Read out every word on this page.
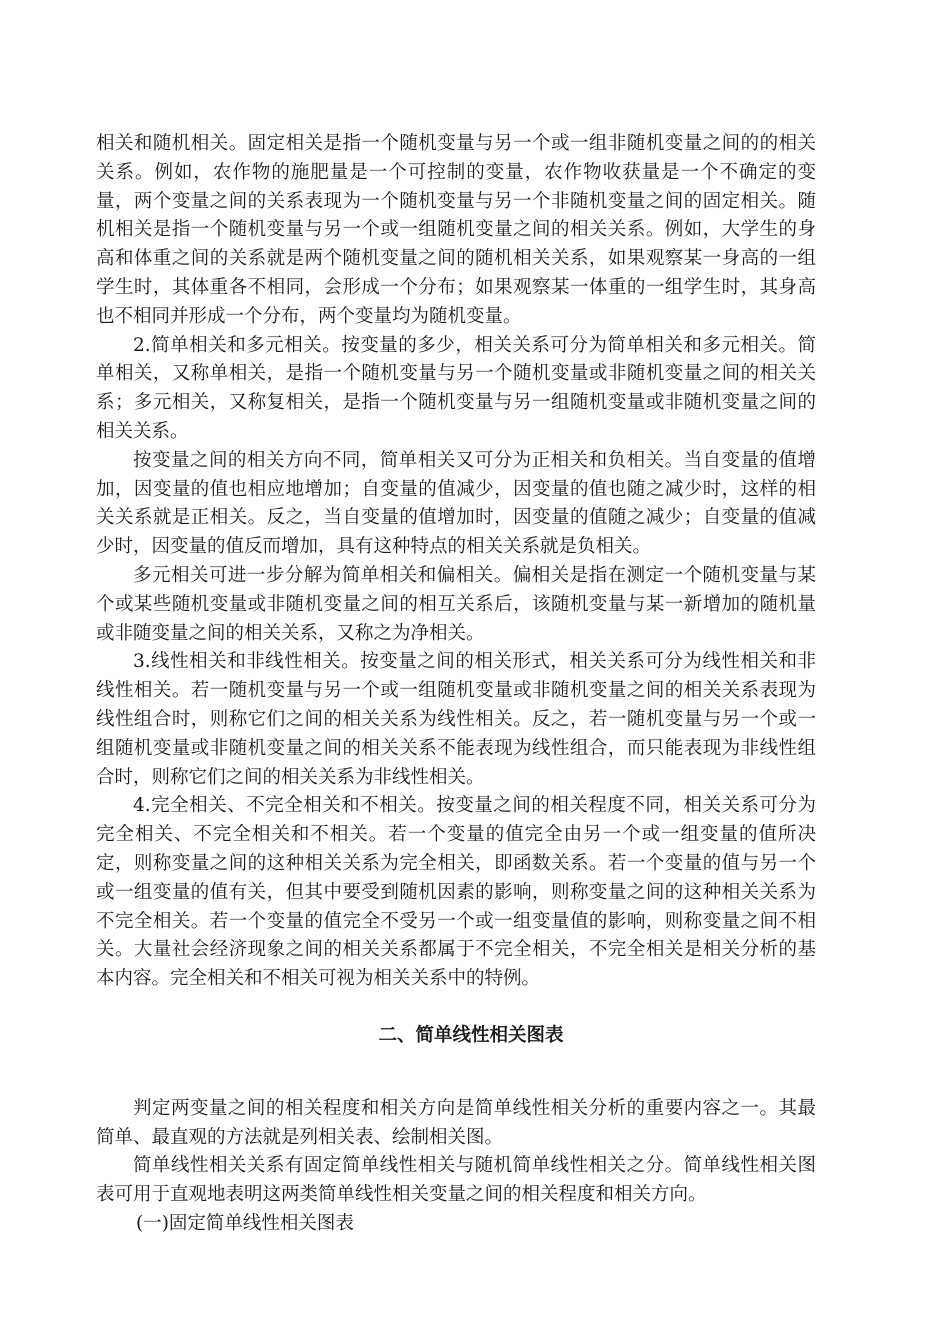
相关和随机相关。固定相关是指一个随机变量与另一个或一组非随机变量之间的的相关关系。例如，农作物的施肥量是一个可控制的变量，农作物收获量是一个不确定的变量，两个变量之间的关系表现为一个随机变量与另一个非随机变量之间的固定相关。随机相关是指一个随机变量与另一个或一组随机变量之间的相关关系。例如，大学生的身高和体重之间的关系就是两个随机变量之间的随机相关关系，如果观察某一身高的一组学生时，其体重各不相同，会形成一个分布；如果观察某一体重的一组学生时，其身高也不相同并形成一个分布，两个变量均为随机变量。

2.简单相关和多元相关。按变量的多少，相关关系可分为简单相关和多元相关。简单相关，又称单相关，是指一个随机变量与另一个随机变量或非随机变量之间的相关关系；多元相关，又称复相关，是指一个随机变量与另一组随机变量或非随机变量之间的相关关系。

按变量之间的相关方向不同，简单相关又可分为正相关和负相关。当自变量的值增加，因变量的值也相应地增加；自变量的值减少，因变量的值也随之减少时，这样的相关关系就是正相关。反之，当自变量的值增加时，因变量的值随之减少；自变量的值减少时，因变量的值反而增加，具有这种特点的相关关系就是负相关。

多元相关可进一步分解为简单相关和偏相关。偏相关是指在测定一个随机变量与某个或某些随机变量或非随机变量之间的相互关系后，该随机变量与某一新增加的随机量或非随变量之间的相关关系，又称之为净相关。

3.线性相关和非线性相关。按变量之间的相关形式，相关关系可分为线性相关和非线性相关。若一随机变量与另一个或一组随机变量或非随机变量之间的相关关系表现为线性组合时，则称它们之间的相关关系为线性相关。反之，若一随机变量与另一个或一组随机变量或非随机变量之间的相关关系不能表现为线性组合，而只能表现为非线性组合时，则称它们之间的相关关系为非线性相关。

4.完全相关、不完全相关和不相关。按变量之间的相关程度不同，相关关系可分为完全相关、不完全相关和不相关。若一个变量的值完全由另一个或一组变量的值所决定，则称变量之间的这种相关关系为完全相关，即函数关系。若一个变量的值与另一个或一组变量的值有关，但其中要受到随机因素的影响，则称变量之间的这种相关关系为不完全相关。若一个变量的值完全不受另一个或一组变量值的影响，则称变量之间不相关。大量社会经济现象之间的相关关系都属于不完全相关，不完全相关是相关分析的基本内容。完全相关和不相关可视为相关关系中的特例。

二、简单线性相关图表

判定两变量之间的相关程度和相关方向是简单线性相关分析的重要内容之一。其最简单、最直观的方法就是列相关表、绘制相关图。

简单线性相关关系有固定简单线性相关与随机简单线性相关之分。简单线性相关图表可用于直观地表明这两类简单线性相关变量之间的相关程度和相关方向。

(一)固定简单线性相关图表
